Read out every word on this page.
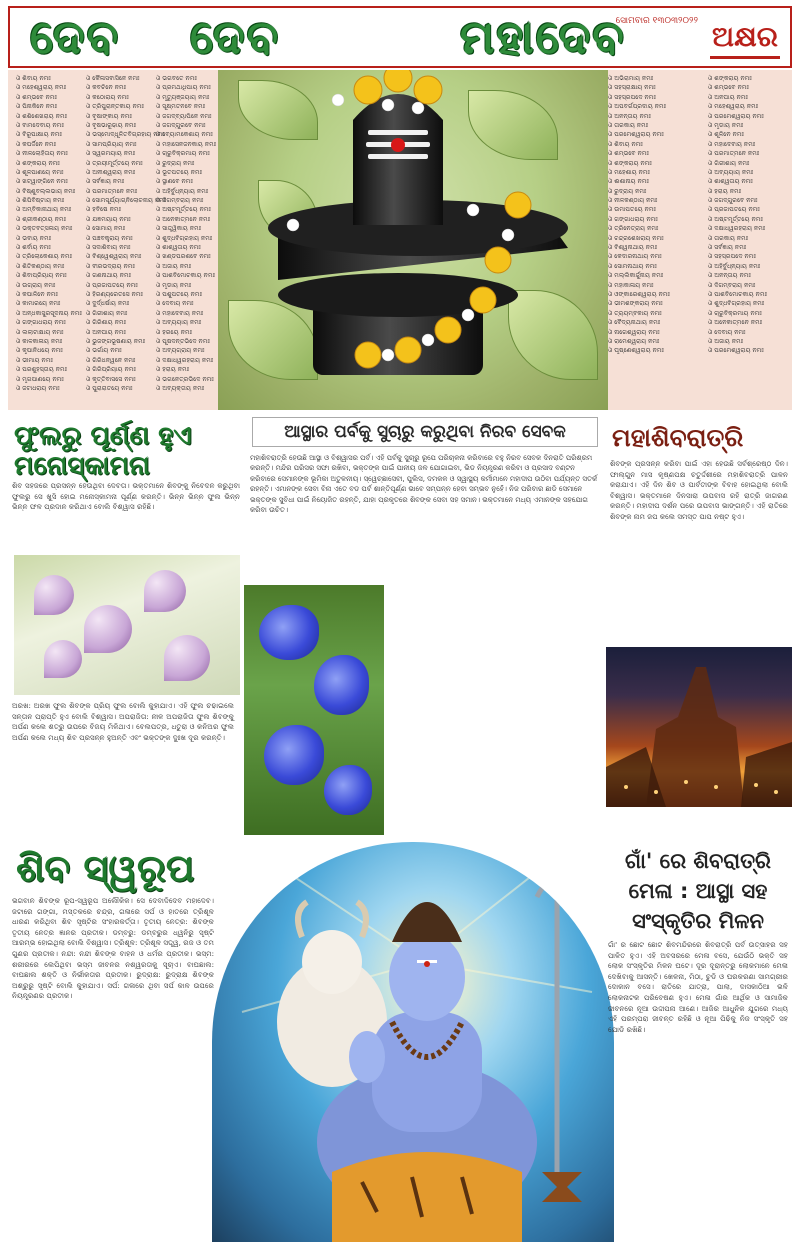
ଦେବ ଦେବ	ମହାଦେବ
ସୋମବାର ୧୩୦୩୨୦୨୨ ଅକ୍ଷର
ଓଁ ଶିବାୟ ନମଃ
ଓଁ ମହେଶ୍ୱରାୟ ନମଃ
ଓଁ ଶମ୍ଭବେ ନମଃ
ଓଁ ପିନାକିନେ ନମଃ
ଓଁ ଶଶିଶେଖରାୟ ନମଃ
ଓଁ ବାମଦେବାୟ ନମଃ
ଓଁ ବିରୂପାକ୍ଷାୟ ନମଃ
ଓଁ କପର୍ଦ୍ଦିନେ ନମଃ
ଓଁ ନୀଳଲୋହିତାୟ ନମଃ
ଓଁ ଶଙ୍କରାୟ ନମଃ
ଓଁ ଶୂଳପାଣୟେ ନମଃ
ଓଁ ଖଟ୍ୱାଙ୍ଗିନେ ନମଃ
ଓଁ ବିଷ୍ଣୁବଲ୍ଲଭାୟ ନମଃ
ଓଁ ଶିପିବିଷ୍ଟାୟ ନମଃ
ଓଁ ଅମ୍ବିକାନାଥାୟ ନମଃ
ଓଁ ଶ୍ରୀକଣ୍ଠାୟ ନମଃ
ଓଁ ଭକ୍ତବତ୍ସଳାୟ ନମଃ
ଓଁ ଭବାୟ ନମଃ
ଓଁ ଶର୍ବାୟ ନମଃ
ଓଁ ତ୍ରିଲୋକେଶାୟ ନମଃ
ଓଁ ଶିତିକଣ୍ଠାୟ ନମଃ
ଓଁ ଶିବାପ୍ରିୟାୟ ନମଃ
ଓଁ ଉଗ୍ରାୟ ନମଃ
ଓଁ କପାଳିନେ ନମଃ
ଓଁ କାମାରୟେ ନମଃ
ଓଁ ଅନ୍ଧକାସୁରସୂଦନାୟ ନମଃ
ଓଁ ଗଙ୍ଗାଧରାୟ ନମଃ
ଓଁ ଲଲାଟାକ୍ଷାୟ ନମଃ
ଓଁ କାଳକାଳାୟ ନମଃ
ଓଁ କୃପାନିଧୟେ ନମଃ
ଓଁ ଭୀମାୟ ନମଃ
ଓଁ ପରଶୁହସ୍ତାୟ ନମଃ
ଓଁ ମୃଗପାଣୟେ ନମଃ
ଓଁ ଜଟାଧରାୟ ନମଃ
ଓଁ କୈଳାସବାସିନେ ନମଃ
ଓଁ କବଚିନେ ନମଃ
ଓଁ କଠୋରାୟ ନମଃ
ଓଁ ତ୍ରିପୁରାନ୍ତକାୟ ନମଃ
ଓଁ ବୃଷାଙ୍କାୟ ନମଃ
ଓଁ ବୃଷଭାରୂଢାୟ ନମଃ
ଓଁ ଭସ୍ମୋଦ୍ଧୂଳିତବିଗ୍ରହାୟ ନମଃ
ଓଁ ସାମପ୍ରିୟାୟ ନମଃ
ଓଁ ସ୍ୱରମୟାୟ ନମଃ
ଓଁ ତ୍ରୟୀମୂର୍ତ୍ତୟେ ନମଃ
ଓଁ ଅନୀଶ୍ୱରାୟ ନମଃ
ଓଁ ସର୍ବଜ୍ଞାୟ ନମଃ
ଓଁ ପରମାତ୍ମନେ ନମଃ
ଓଁ ସୋମସୂର୍ଯ୍ୟାଗ୍ନିଲୋଚନାୟ ନମଃ
ଓଁ ହବିଷେ ନମଃ
ଓଁ ଯଜ୍ଞମୟାୟ ନମଃ
ଓଁ ସୋମାୟ ନମଃ
ଓଁ ପଞ୍ଚବକ୍ତ୍ରାୟ ନମଃ
ଓଁ ସଦାଶିବାୟ ନମଃ
ଓଁ ବିଶ୍ୱେଶ୍ୱରାୟ ନମଃ
ଓଁ ବୀରଭଦ୍ରାୟ ନମଃ
ଓଁ ଗଣନାଥାୟ ନମଃ
ଓଁ ପ୍ରଜାପତୟେ ନମଃ
ଓଁ ହିରଣ୍ୟରେତସେ ନମଃ
ଓଁ ଦୁର୍ଦ୍ଧର୍ଷାୟ ନମଃ
ଓଁ ଗିରୀଶାୟ ନମଃ
ଓଁ ଗିରିଶାୟ ନମଃ
ଓଁ ଅନଘାୟ ନମଃ
ଓଁ ଭୁଜଙ୍ଗଭୂଷଣାୟ ନମଃ
ଓଁ ଭର୍ଗାୟ ନମଃ
ଓଁ ଗିରିଧନ୍ୱନେ ନମଃ
ଓଁ ଗିରିପ୍ରିୟାୟ ନମଃ
ଓଁ କୃତ୍ତିବାସସେ ନମଃ
ଓଁ ପୁରାରାତୟେ ନମଃ
ଓଁ ଭଗବତେ ନମଃ
ଓଁ ପ୍ରମଥାଧିପାୟ ନମଃ
ଓଁ ମୃତ୍ୟୁଞ୍ଜୟାୟ ନମଃ
ଓଁ ସୂକ୍ଷ୍ମତନବେ ନମଃ
ଓଁ ଜଗଦ୍ବ୍ୟାପିନେ ନମଃ
ଓଁ ଜଗଦ୍ଗୁରବେ ନମଃ
ଓଁ ବ୍ୟୋମକେଶାୟ ନମଃ
ଓଁ ମହାସେନଜନକାୟ ନମଃ
ଓଁ ଚାରୁବିକ୍ରମାୟ ନମଃ
ଓଁ ରୁଦ୍ରାୟ ନମଃ
ଓଁ ଭୂତପତୟେ ନମଃ
ଓଁ ସ୍ଥାଣବେ ନମଃ
ଓଁ ଅହିର୍ବୁଧ୍ନ୍ୟାୟ ନମଃ
ଓଁ ଦିଗମ୍ବରାୟ ନମଃ
ଓଁ ଅଷ୍ଟମୂର୍ତ୍ତୟେ ନମଃ
ଓଁ ଅନେକାତ୍ମନେ ନମଃ
ଓଁ ସାତ୍ତ୍ୱିକାୟ ନମଃ
ଓଁ ଶୁଦ୍ଧବିଗ୍ରହାୟ ନମଃ
ଓଁ ଶାଶ୍ୱତାୟ ନମଃ
ଓଁ ଖଣ୍ଡପରଶବେ ନମଃ
ଓଁ ଅଜାୟ ନମଃ
ଓଁ ପାଶବିମୋଚକାୟ ନମଃ
ଓଁ ମୃଡାୟ ନମଃ
ଓଁ ପଶୁପତୟେ ନମଃ
ଓଁ ଦେବାୟ ନମଃ
ଓଁ ମହାଦେବାୟ ନମଃ
ଓଁ ଅବ୍ୟୟାୟ ନମଃ
ଓଁ ହରୟେ ନମଃ
ଓଁ ପୂଷଦନ୍ତଭିଦେ ନମଃ
ଓଁ ଅବ୍ୟଗ୍ରାୟ ନମଃ
ଓଁ ଦକ୍ଷାଧ୍ୱରହରାୟ ନମଃ
ଓଁ ହରାୟ ନମଃ
ଓଁ ଭଗନେତ୍ରଭିଦେ ନମଃ
ଓଁ ଅବ୍ୟକ୍ତାୟ ନମଃ
ଓଁ ଅଭିରାମାୟ ନମଃ
ଓଁ ସହସ୍ରାକ୍ଷାୟ ନମଃ
ଓଁ ସହସ୍ରପଦେ ନମଃ
ଓଁ ଅପବର୍ଗପ୍ରଦାୟ ନମଃ
ଓଁ ଅନନ୍ତାୟ ନମଃ
ଓଁ ତାରକାୟ ନମଃ
ଓଁ ପରମେଶ୍ୱରାୟ ନମଃ
ଓଁ ଶିବାୟ ନମଃ
ଓଁ ଶମ୍ଭବେ ନମଃ
ଓଁ ଶଙ୍କରାୟ ନମଃ
ଓଁ ମହେଶାୟ ନମଃ
ଓଁ ଈଶାନାୟ ନମଃ
ଓଁ ରୁଦ୍ରାୟ ନମଃ
ଓଁ ନୀଳକଣ୍ଠାୟ ନମଃ
ଓଁ ଉମାପତୟେ ନମଃ
ଓଁ ଗଙ୍ଗାଧରାୟ ନମଃ
ଓଁ ତ୍ରିନେତ୍ରାୟ ନମଃ
ଓଁ ଚନ୍ଦ୍ରଶେଖରାୟ ନମଃ
ଓଁ ବିଶ୍ୱନାଥାୟ ନମଃ
ଓଁ କେଦାରନାଥାୟ ନମଃ
ଓଁ ସୋମନାଥାୟ ନମଃ
ଓଁ ମଲ୍ଲିକାର୍ଜୁନାୟ ନମଃ
ଓଁ ମହାକାଳାୟ ନମଃ
ଓଁ ଓଙ୍କାରେଶ୍ୱରାୟ ନମଃ
ଓଁ ଭୀମଶଙ୍କରାୟ ନମଃ
ଓଁ ତ୍ର୍ୟମ୍ବକାୟ ନମଃ
ଓଁ ବୈଦ୍ୟନାଥାୟ ନମଃ
ଓଁ ନାଗେଶ୍ୱରାୟ ନମଃ
ଓଁ ରାମେଶ୍ୱରାୟ ନମଃ
ଓଁ ଘୃଷ୍ଣେଶ୍ୱରାୟ ନମଃ
ଓଁ ଶଙ୍କରାୟ ନମଃ
ଓଁ ଶମ୍ଭବେ ନମଃ
ଓଁ ଅନଘାୟ ନମଃ
ଓଁ ମହେଶ୍ୱରାୟ ନମଃ
ଓଁ ପରମେଶ୍ୱରାୟ ନମଃ
ଓଁ ମୃଡାୟ ନମଃ
ଓଁ ଶୂଳିନେ ନମଃ
ଓଁ ମହାଦେବାୟ ନମଃ
ଓଁ ପରମାତ୍ମନେ ନମଃ
ଓଁ ଗିରୀଶାୟ ନମଃ
ଓଁ ଅବ୍ୟୟାୟ ନମଃ
ଓଁ ଶାଶ୍ୱତାୟ ନମଃ
ଓଁ ହରାୟ ନମଃ
ଓଁ ଜଗଦ୍ଗୁରବେ ନମଃ
ଓଁ ପ୍ରଜାପତୟେ ନମଃ
ଓଁ ଅଷ୍ଟମୂର୍ତ୍ତୟେ ନମଃ
ଓଁ ଦକ୍ଷାଧ୍ୱରହରାୟ ନମଃ
ଓଁ ତାରକାୟ ନମଃ
ଓଁ ସର୍ବଜ୍ଞାୟ ନମଃ
ଓଁ ସହସ୍ରପଦେ ନମଃ
ଓଁ ଅହିର୍ବୁଧ୍ନ୍ୟାୟ ନମଃ
ଓଁ ଅନନ୍ତାୟ ନମଃ
ଓଁ ଦିଗମ୍ବରାୟ ନମଃ
ଓଁ ପାଶବିମୋଚକାୟ ନମଃ
ଓଁ ଶୁଦ୍ଧବିଗ୍ରହାୟ ନମଃ
ଓଁ ଚାରୁବିକ୍ରମାୟ ନମଃ
ଓଁ ଅନେକାତ୍ମନେ ନମଃ
ଓଁ ଦେବାୟ ନମଃ
ଓଁ ଅଜାୟ ନମଃ
ଓଁ ପରମେଶ୍ୱରାୟ ନମଃ
ଫୁଲରୁ ପୂର୍ଣ୍ଣ ହୁଏ
ମନୋସ୍କାମନା
ଶିବ ସହଜରେ ପ୍ରସନ୍ନ ହେଉଥିବା ଦେବତା। ଭକ୍ତମାନେ ଶିବଙ୍କୁ ନିବେଦନ କରୁଥିବା ଫୁଲରୁ ସେ ଖୁସି ହୋଇ ମନୋସ୍କାମନା ପୂର୍ଣ୍ଣ କରନ୍ତି। ଭିନ୍ନ ଭିନ୍ନ ଫୁଲ ଭିନ୍ନ ଭିନ୍ନ ଫଳ ପ୍ରଦାନ କରିଥାଏ ବୋଲି ବିଶ୍ୱାସ ରହିଛି।
ଅରଖ: ଅରଖ ଫୁଲ ଶିବଙ୍କ ପ୍ରିୟ ଫୁଲ ବୋଲି କୁହାଯାଏ। ଏହି ଫୁଲ ଚଢାଇଲେ ସନ୍ତାନ ପ୍ରାପ୍ତି ହୁଏ ବୋଲି ବିଶ୍ୱାସ। ଅପରାଜିତା: ନୀଳ ଅପରାଜିତା ଫୁଲ ଶିବଙ୍କୁ ଅର୍ପଣ କଲେ ଶତ୍ରୁ ଉପରେ ବିଜୟ ମିଳିଥାଏ। ବେଲପତ୍ର, ଧତୁରା ଓ କନିଅର ଫୁଲ ଅର୍ପଣ କଲେ ମଧ୍ୟ ଶିବ ପ୍ରସନ୍ନ ହୁଅନ୍ତି ଏବଂ ଭକ୍ତଙ୍କ ଦୁଃଖ ଦୂର କରନ୍ତି।
ଆସ୍ଥାର ପର୍ବକୁ ସୁଚାରୁ କରୁଥିବା ନିରବ ସେବକ
ମହାଶିବରାତ୍ରି ହେଉଛି ଆସ୍ଥା ଓ ବିଶ୍ୱାସର ପର୍ବ। ଏହି ପର୍ବକୁ ସୁଚାରୁ ରୂପେ ପରିଚାଳନା କରିବାରେ ବହୁ ନିରବ ସେବକ ଦିନରାତି ପରିଶ୍ରମ କରନ୍ତି। ମନ୍ଦିର ପରିସର ସଫା ରଖିବା, ଭକ୍ତଙ୍କ ପାଇଁ ପାନୀୟ ଜଳ ଯୋଗାଇବା, ଭିଡ ନିୟନ୍ତ୍ରଣ କରିବା ଓ ପ୍ରସାଦ ବଣ୍ଟନ କରିବାରେ ସେମାନଙ୍କ ଭୂମିକା ଅତୁଳନୀୟ। ସ୍ୱେଚ୍ଛାସେବୀ, ପୁଲିସ, ଦମକଳ ଓ ସ୍ୱାସ୍ଥ୍ୟ କର୍ମୀମାନେ ମହାଦୀପ ଉଠିବା ପର୍ଯ୍ୟନ୍ତ ସତର୍କ ରହନ୍ତି। ଏମାନଙ୍କ ସେବା ବିନା ଏତେ ବଡ ପର୍ବ ଶାନ୍ତିପୂର୍ଣ୍ଣ ଭାବେ ସମ୍ପନ୍ନ ହେବା ସମ୍ଭବ ନୁହେଁ। ନିଜ ପରିବାର ଛାଡି ସେମାନେ ଭକ୍ତଙ୍କ ସୁବିଧା ପାଇଁ ନିୟୋଜିତ ରହନ୍ତି, ଯାହା ପ୍ରକୃତରେ ଶିବଙ୍କ ସେବା ସହ ସମାନ। ଭକ୍ତମାନେ ମଧ୍ୟ ଏମାନଙ୍କ ସହଯୋଗ କରିବା ଉଚିତ।
ମହାଶିବରାତ୍ରି
ଶିବଙ୍କ ପ୍ରସନ୍ନ କରିବା ପାଇଁ ଏହା ହେଉଛି ସର୍ବଶ୍ରେଷ୍ଠ ଦିନ। ଫାଲ୍ଗୁନ ମାସ କୃଷ୍ଣପକ୍ଷ ଚତୁର୍ଦ୍ଦଶୀରେ ମହାଶିବରାତ୍ରି ପାଳନ କରାଯାଏ। ଏହି ଦିନ ଶିବ ଓ ପାର୍ବତୀଙ୍କ ବିବାହ ହୋଇଥିଲା ବୋଲି ବିଶ୍ୱାସ। ଭକ୍ତମାନେ ଦିନସାରା ଉପବାସ ରହି ରାତ୍ରି ଜାଗରଣ କରନ୍ତି। ମହାଦୀପ ଦର୍ଶନ ପରେ ଉପବାସ ଭାଙ୍ଗନ୍ତି। ଏହି ରାତିରେ ଶିବଙ୍କ ନାମ ଜପ କଲେ ସମସ୍ତ ପାପ ନଷ୍ଟ ହୁଏ।
ଶିବ ସ୍ୱରୂପ
ଭଗବାନ ଶିବଙ୍କ ରୂପ-ସ୍ୱରୂପ ଅଲୌକିକ। ସେ ଦେବାଦିଦେବ ମହାଦେବ। ଜଟାରେ ଗଙ୍ଗା, ମସ୍ତକରେ ଚନ୍ଦ୍ର, ଗଳାରେ ସର୍ପ ଓ ହାତରେ ତ୍ରିଶୂଳ ଧାରଣ କରିଥିବା ଶିବ ସୃଷ୍ଟିର ସଂହାରକର୍ତ୍ତା। ତୃତୀୟ ନେତ୍ର: ଶିବଙ୍କ ତୃତୀୟ ନେତ୍ର ଜ୍ଞାନର ପ୍ରତୀକ। ଡମ୍ବରୁ: ଡମ୍ବରୁର ଧ୍ୱନିରୁ ସୃଷ୍ଟି ଆରମ୍ଭ ହୋଇଥିଲା ବୋଲି ବିଶ୍ୱାସ। ତ୍ରିଶୂଳ: ତ୍ରିଶୂଳ ସତ୍ତ୍ୱ, ରଜ ଓ ତମ ଗୁଣର ପ୍ରତୀକ। ନନ୍ଦୀ: ନନ୍ଦୀ ଶିବଙ୍କ ବାହନ ଓ ଧର୍ମର ପ୍ରତୀକ। ଭସ୍ମ: ଶରୀରରେ ଲେପିଥିବା ଭସ୍ମ ଜୀବନର ନଶ୍ୱରତାକୁ ସୂଚାଏ। ବାଘଛାଲ: ବାଘଛାଲ ଶକ୍ତି ଓ ନିର୍ଭୀକତାର ପ୍ରତୀକ। ରୁଦ୍ରାକ୍ଷ: ରୁଦ୍ରାକ୍ଷ ଶିବଙ୍କ ଅଶ୍ରୁରୁ ସୃଷ୍ଟି ବୋଲି କୁହାଯାଏ। ସର୍ପ: ଗଳାରେ ଥିବା ସର୍ପ କାଳ ଉପରେ ନିୟନ୍ତ୍ରଣର ପ୍ରତୀକ।
ଗାଁ' ରେ ଶିବରାତ୍ରି
ମେଳା : ଆସ୍ଥା ସହ
ସଂସ୍କୃତିର ମିଳନ
ଗାଁ' ର ଛୋଟ ଛୋଟ ଶିବମନ୍ଦିରରେ ଶିବରାତ୍ରି ପର୍ବ ଉତ୍ସାହର ସହ ପାଳିତ ହୁଏ। ଏହି ଅବସରରେ ମେଳା ବସେ, ଯେଉଁଠି ଭକ୍ତି ସହ ଲୋକ ସଂସ୍କୃତିର ମିଳନ ଘଟେ। ଦୂର ଦୂରାନ୍ତରୁ ଲୋକମାନେ ମେଳା ଦେଖିବାକୁ ଆସନ୍ତି। ଖେଳନା, ମିଠା, ଚୁଡି ଓ ଘରକରଣା ସାମଗ୍ରୀର ଦୋକାନ ବସେ। ରାତିରେ ଯାତ୍ରା, ପାଲା, ଦାସକାଠିଆ ଭଳି ଲୋକନାଟକ ପରିବେଷଣ ହୁଏ। ମେଳା ଗାଁର ଆର୍ଥିକ ଓ ସାମାଜିକ ଜୀବନରେ ନୂଆ ଉଦ୍ଦୀପନା ଆଣେ। ଆଜିର ଆଧୁନିକ ଯୁଗରେ ମଧ୍ୟ ଏହି ପରମ୍ପରା ଜୀବନ୍ତ ରହିଛି ଓ ନୂଆ ପିଢିକୁ ନିଜ ସଂସ୍କୃତି ସହ ଯୋଡି ରଖିଛି।
